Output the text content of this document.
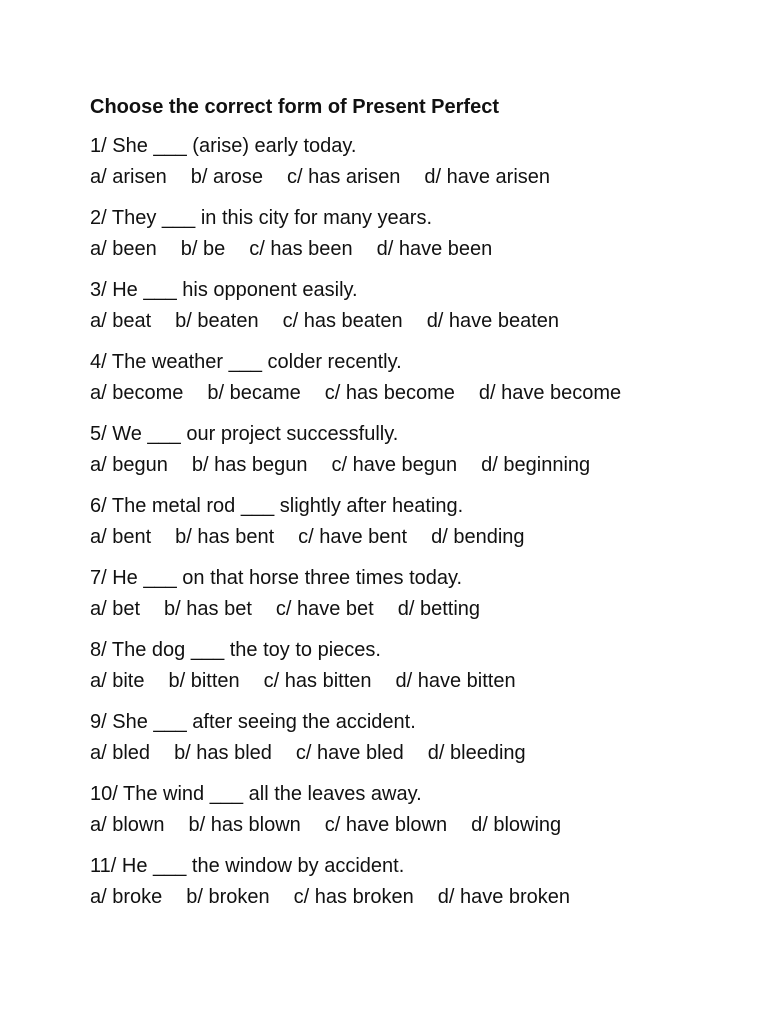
Choose the correct form of Present Perfect
1/ She ___ (arise) early today.
a/ arisen b/ arose c/ has arisen d/ have arisen
2/ They ___ in this city for many years.
a/ been b/ be c/ has been d/ have been
3/ He ___ his opponent easily.
a/ beat b/ beaten c/ has beaten d/ have beaten
4/ The weather ___ colder recently.
a/ become b/ became c/ has become d/ have become
5/ We ___ our project successfully.
a/ begun b/ has begun c/ have begun d/ beginning
6/ The metal rod ___ slightly after heating.
a/ bent b/ has bent c/ have bent d/ bending
7/ He ___ on that horse three times today.
a/ bet b/ has bet c/ have bet d/ betting
8/ The dog ___ the toy to pieces.
a/ bite b/ bitten c/ has bitten d/ have bitten
9/ She ___ after seeing the accident.
a/ bled b/ has bled c/ have bled d/ bleeding
10/ The wind ___ all the leaves away.
a/ blown b/ has blown c/ have blown d/ blowing
11/ He ___ the window by accident.
a/ broke b/ broken c/ has broken d/ have broken
